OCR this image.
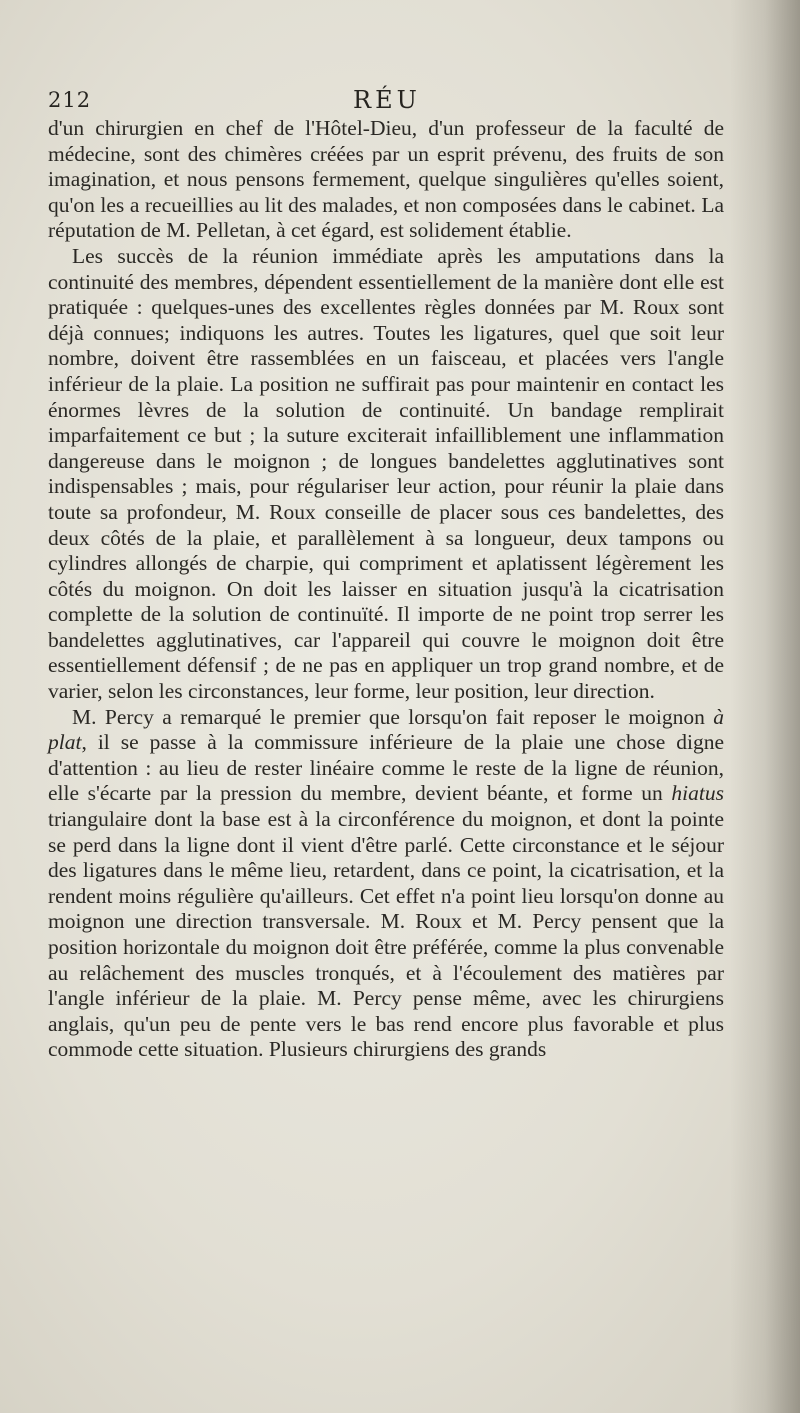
212	RÉU

d'un chirurgien en chef de l'Hôtel-Dieu, d'un professeur de la faculté de médecine, sont des chimères créées par un esprit prévenu, des fruits de son imagination, et nous pensons fermement, quelque singulières qu'elles soient, qu'on les a recueillies au lit des malades, et non composées dans le cabinet. La réputation de M. Pelletan, à cet égard, est solidement établie.

Les succès de la réunion immédiate après les amputations dans la continuité des membres, dépendent essentiellement de la manière dont elle est pratiquée : quelques-unes des excellentes règles données par M. Roux sont déjà connues; indiquons les autres. Toutes les ligatures, quel que soit leur nombre, doivent être rassemblées en un faisceau, et placées vers l'angle inférieur de la plaie. La position ne suffirait pas pour maintenir en contact les énormes lèvres de la solution de continuité. Un bandage remplirait imparfaitement ce but ; la suture exciterait infailliblement une inflammation dangereuse dans le moignon ; de longues bandelettes agglutinatives sont indispensables ; mais, pour régulariser leur action, pour réunir la plaie dans toute sa profondeur, M. Roux conseille de placer sous ces bandelettes, des deux côtés de la plaie, et parallèlement à sa longueur, deux tampons ou cylindres allongés de charpie, qui compriment et aplatissent légèrement les côtés du moignon. On doit les laisser en situation jusqu'à la cicatrisation complette de la solution de continuïté. Il importe de ne point trop serrer les bandelettes agglutinatives, car l'appareil qui couvre le moignon doit être essentiellement défensif ; de ne pas en appliquer un trop grand nombre, et de varier, selon les circonstances, leur forme, leur position, leur direction.

M. Percy a remarqué le premier que lorsqu'on fait reposer le moignon à plat, il se passe à la commissure inférieure de la plaie une chose digne d'attention : au lieu de rester linéaire comme le reste de la ligne de réunion, elle s'écarte par la pression du membre, devient béante, et forme un hiatus triangulaire dont la base est à la circonférence du moignon, et dont la pointe se perd dans la ligne dont il vient d'être parlé. Cette circonstance et le séjour des ligatures dans le même lieu, retardent, dans ce point, la cicatrisation, et la rendent moins régulière qu'ailleurs. Cet effet n'a point lieu lorsqu'on donne au moignon une direction transversale. M. Roux et M. Percy pensent que la position horizontale du moignon doit être préférée, comme la plus convenable au relâchement des muscles tronqués, et à l'écoulement des matières par l'angle inférieur de la plaie. M. Percy pense même, avec les chirurgiens anglais, qu'un peu de pente vers le bas rend encore plus favorable et plus commode cette situation. Plusieurs chirurgiens des grands
